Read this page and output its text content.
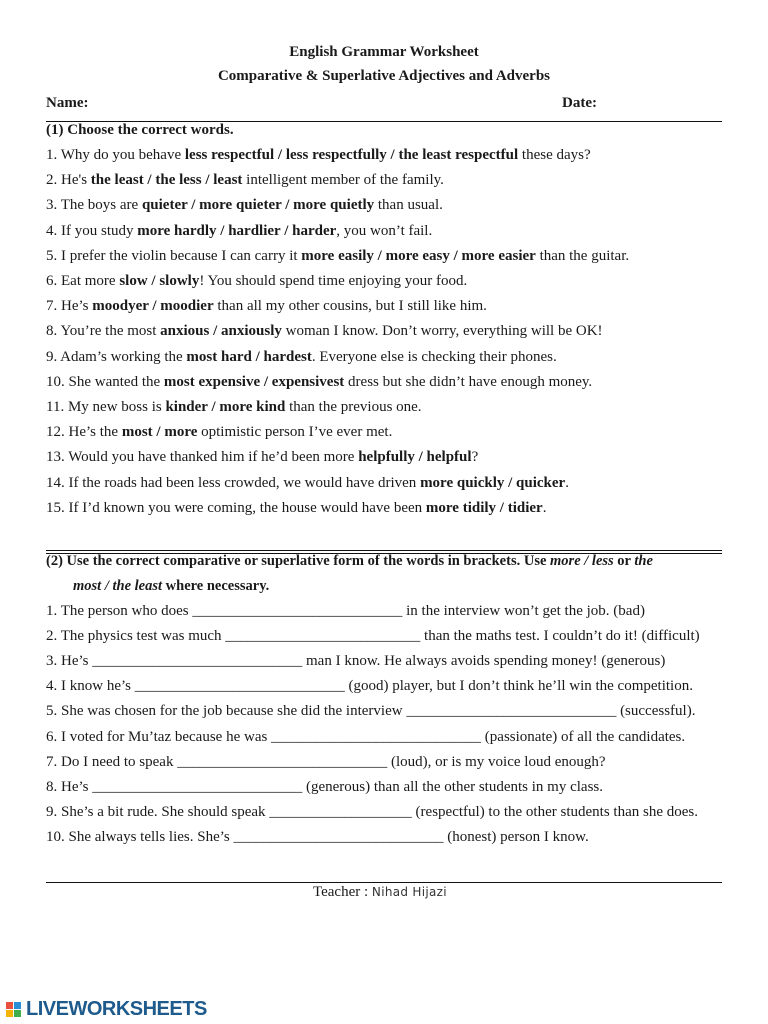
English Grammar Worksheet
Comparative & Superlative Adjectives and Adverbs
Name:	Date:
(1) Choose the correct words.
1. Why do you behave less respectful / less respectfully / the least respectful these days?
2. He's the least / the less / least intelligent member of the family.
3. The boys are quieter / more quieter / more quietly than usual.
4. If you study more hardly / hardlier / harder, you won’t fail.
5. I prefer the violin because I can carry it more easily / more easy / more easier than the guitar.
6. Eat more slow / slowly! You should spend time enjoying your food.
7. He’s moodyer / moodier than all my other cousins, but I still like him.
8. You’re the most anxious / anxiously woman I know. Don’t worry, everything will be OK!
9. Adam’s working the most hard / hardest. Everyone else is checking their phones.
10. She wanted the most expensive / expensivest dress but she didn’t have enough money.
11. My new boss is kinder / more kind than the previous one.
12. He’s the most / more optimistic person I’ve ever met.
13. Would you have thanked him if he’d been more helpfully / helpful?
14. If the roads had been less crowded, we would have driven more quickly / quicker.
15. If I’d known you were coming, the house would have been more tidily / tidier.
(2) Use the correct comparative or superlative form of the words in brackets. Use more / less or the
most / the least where necessary.
1. The person who does ____________________________ in the interview won’t get the job. (bad)
2. The physics test was much __________________________ than the maths test. I couldn’t do it! (difficult)
3. He’s ____________________________ man I know. He always avoids spending money! (generous)
4. I know he’s ____________________________ (good) player, but I don’t think he’ll win the competition.
5. She was chosen for the job because she did the interview ____________________________ (successful).
6. I voted for Mu’taz because he was ____________________________ (passionate) of all the candidates.
7. Do I need to speak ____________________________ (loud), or is my voice loud enough?
8. He’s ____________________________ (generous) than all the other students in my class.
9. She’s a bit rude. She should speak ___________________ (respectful) to the other students than she does.
10. She always tells lies. She’s ____________________________ (honest) person I know.
Teacher : Nihad Hijazi
LIVEWORKSHEETS
